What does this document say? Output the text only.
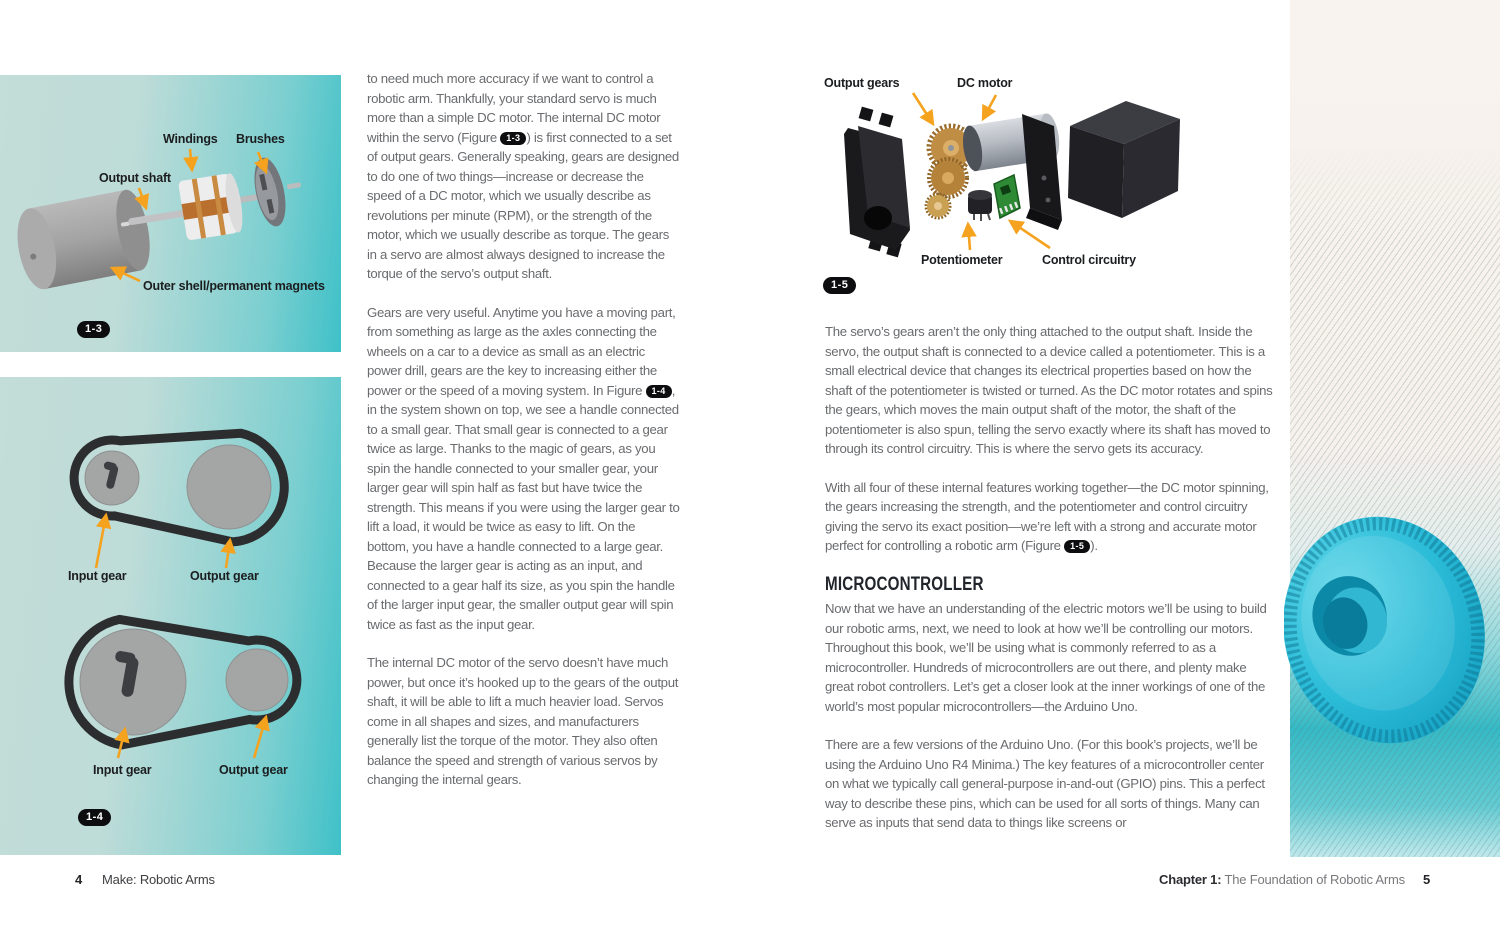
Windings Brushes
Output shaft
Outer shell/permanent magnets
1-3
Input gear	Output gear
Input gear	Output gear
1-4

to need much more accuracy if we want to control a robotic arm. Thankfully, your standard servo is much more than a simple DC motor. The internal DC motor within the servo (Figure 1-3 ) is first connected to a set of output gears. Generally speaking, gears are designed to do one of two things—increase or decrease the speed of a DC motor, which we usually describe as revolutions per minute (RPM), or the strength of the motor, which we usually describe as torque. The gears in a servo are almost always designed to increase the torque of the servo’s output shaft.

Gears are very useful. Anytime you have a moving part, from something as large as the axles connecting the wheels on a car to a device as small as an electric power drill, gears are the key to increasing either the power or the speed of a moving system. In Figure 1-4 , in the system shown on top, we see a handle connected to a small gear. That small gear is connected to a gear twice as large. Thanks to the magic of gears, as you spin the handle connected to your smaller gear, your larger gear will spin half as fast but have twice the strength. This means if you were using the larger gear to lift a load, it would be twice as easy to lift. On the bottom, you have a handle connected to a large gear. Because the larger gear is acting as an input, and connected to a gear half its size, as you spin the handle of the larger input gear, the smaller output gear will spin twice as fast as the input gear.

The internal DC motor of the servo doesn’t have much power, but once it’s hooked up to the gears of the output shaft, it will be able to lift a much heavier load. Servos come in all shapes and sizes, and manufacturers generally list the torque of the motor. They also often balance the speed and strength of various servos by changing the internal gears.

Output gears	DC motor
Potentiometer	Control circuitry
1-5

The servo’s gears aren’t the only thing attached to the output shaft. Inside the servo, the output shaft is connected to a device called a potentiometer. This is a small electrical device that changes its electrical properties based on how the shaft of the potentiometer is twisted or turned. As the DC motor rotates and spins the gears, which moves the main output shaft of the motor, the shaft of the potentiometer is also spun, telling the servo exactly where its shaft has moved to through its control circuitry. This is where the servo gets its accuracy.

With all four of these internal features working together—the DC motor spinning, the gears increasing the strength, and the potentiometer and control circuitry giving the servo its exact position—we’re left with a strong and accurate motor perfect for controlling a robotic arm (Figure 1-5 ).

MICROCONTROLLER

Now that we have an understanding of the electric motors we’ll be using to build our robotic arms, next, we need to look at how we’ll be controlling our motors. Throughout this book, we’ll be using what is commonly referred to as a microcontroller. Hundreds of microcontrollers are out there, and plenty make great robot controllers. Let’s get a closer look at the inner workings of one of the world’s most popular microcontrollers—the Arduino Uno.

There are a few versions of the Arduino Uno. (For this book’s projects, we’ll be using the Arduino Uno R4 Minima.) The key features of a microcontroller center on what we typically call general-purpose in-and-out (GPIO) pins. This a perfect way to describe these pins, which can be used for all sorts of things. Many can serve as inputs that send data to things like screens or

4 Make: Robotic Arms	Chapter 1: The Foundation of Robotic Arms 5
